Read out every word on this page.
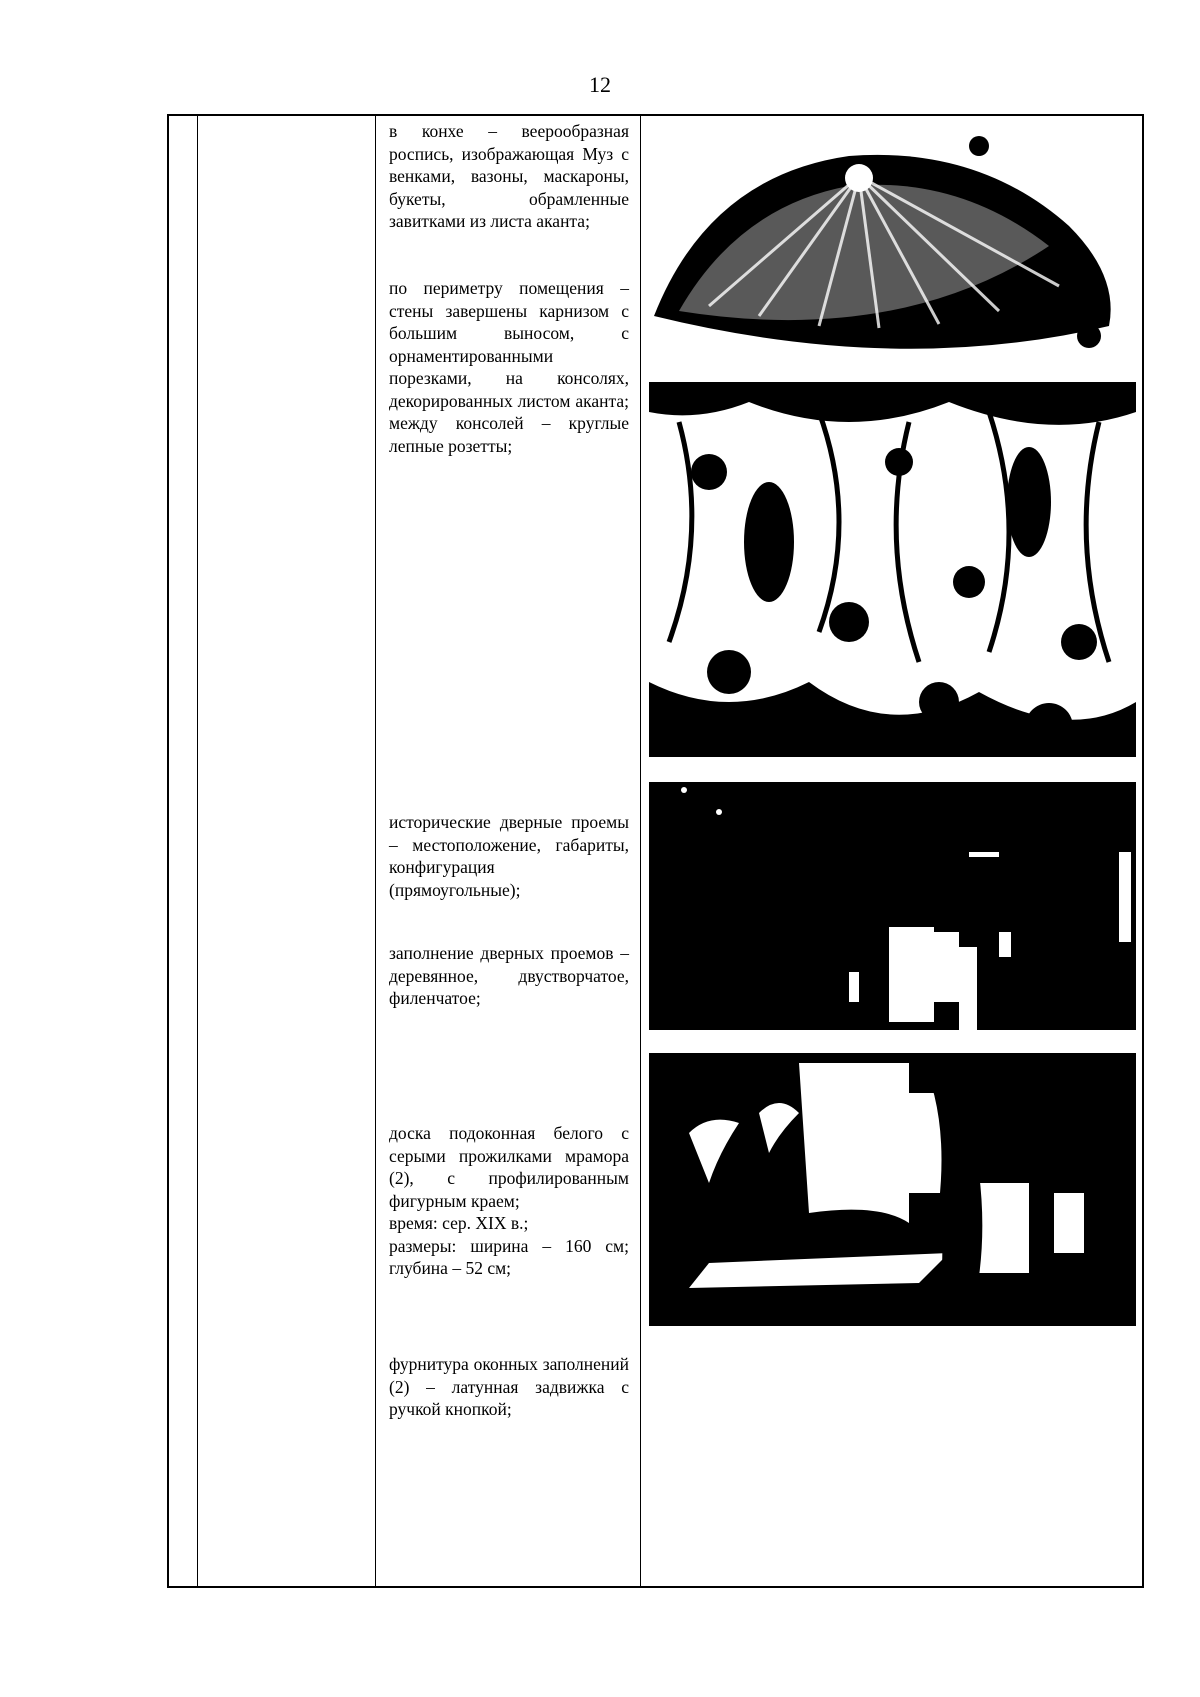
12

в конхе – веерообразная роспись, изображающая Муз с венками, вазоны, маскароны, букеты, обрамленные завитками из листа аканта;

по периметру помещения – стены завершены карнизом с большим выносом, с орнаментированными порезками, на консолях, декорированных листом аканта; между консолей – круглые лепные розетты;

исторические дверные проемы – местоположение, габариты, конфигурация (прямоугольные);

заполнение дверных проемов – деревянное, двустворчатое, филенчатое;

доска подоконная белого с серыми прожилками мрамора (2), с профилированным фигурным краем;

время: сер. XIX в.;

размеры: ширина – 160 см; глубина – 52 см;

фурнитура оконных заполнений (2) – латунная задвижка с ручкой кнопкой;
